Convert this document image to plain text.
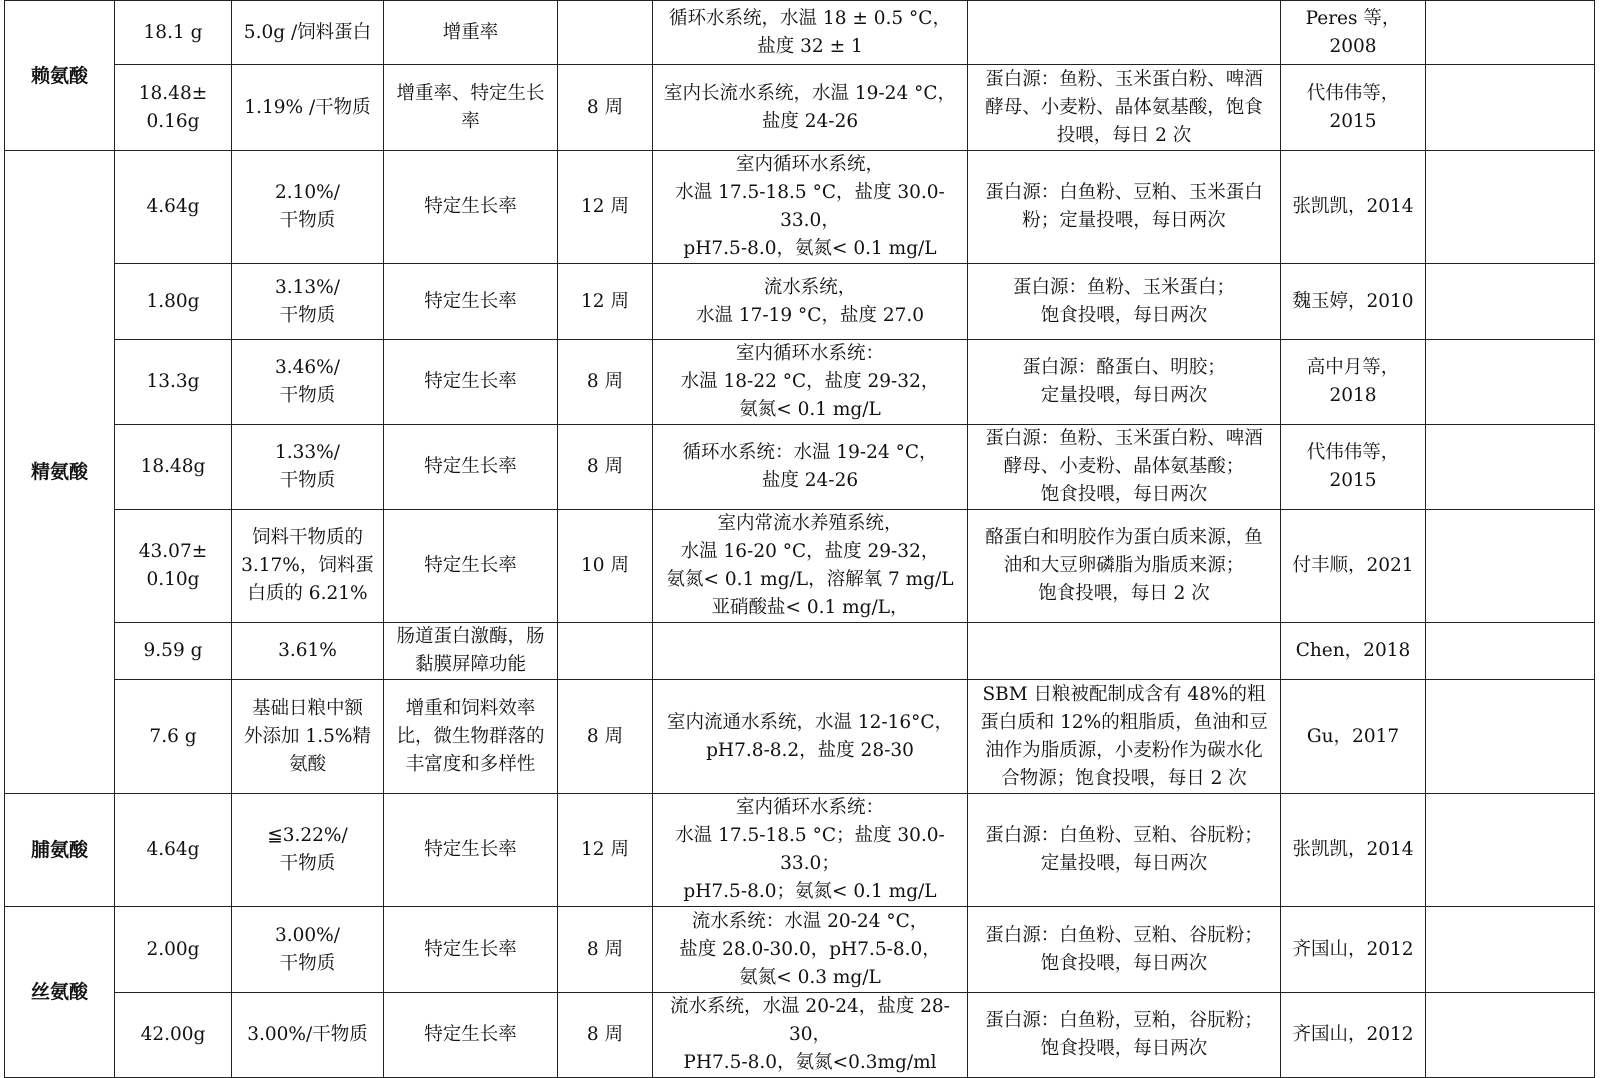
赖氨酸	18.1 g	5.0g /饲料蛋白	增重率		循环水系统，水温 18 ± 0.5 °C，
盐度 32 ± 1		Peres 等，2008	

	18.48±
0.16g	1.19% /干物质	增重率、特定生长
率	8 周	室内长流水系统，水温 19-24 °C，
盐度 24-26	蛋白源：鱼粉、玉米蛋白粉、啤酒
酵母、小麦粉、晶体氨基酸，饱食
投喂，每日 2 次	代伟伟等，
2015	

精氨酸	4.64g	2.10%/
干物质	特定生长率	12 周	室内循环水系统，
水温 17.5-18.5 °C，盐度 30.0-33.0，
pH7.5-8.0，氨氮< 0.1 mg/L	蛋白源：白鱼粉、豆粕、玉米蛋白
粉；定量投喂，每日两次	张凯凯，2014	

	1.80g	3.13%/
干物质	特定生长率	12 周	流水系统，
水温 17-19 °C，盐度 27.0	蛋白源：鱼粉、玉米蛋白；
饱食投喂，每日两次	魏玉婷，2010	

	13.3g	3.46%/
干物质	特定生长率	8 周	室内循环水系统：
水温 18-22 °C，盐度 29-32，
氨氮< 0.1 mg/L	蛋白源：酪蛋白、明胶；
定量投喂，每日两次	高中月等，
2018	

	18.48g	1.33%/
干物质	特定生长率	8 周	循环水系统：水温 19-24 °C，
盐度 24-26	蛋白源：鱼粉、玉米蛋白粉、啤酒
酵母、小麦粉、晶体氨基酸；
饱食投喂，每日两次	代伟伟等，
2015	

	43.07±
0.10g	饲料干物质的
3.17%，饲料蛋
白质的 6.21%	特定生长率	10 周	室内常流水养殖系统，
水温 16-20 °C，盐度 29-32，
氨氮< 0.1 mg/L，溶解氧 7 mg/L
亚硝酸盐< 0.1 mg/L，	酪蛋白和明胶作为蛋白质来源，鱼
油和大豆卵磷脂为脂质来源；
饱食投喂，每日 2 次	付丰顺，2021	

	9.59 g	3.61%	肠道蛋白激酶，肠
黏膜屏障功能				Chen，2018	

	7.6 g	基础日粮中额
外添加 1.5%精
氨酸	增重和饲料效率
比，微生物群落的
丰富度和多样性	8 周	室内流通水系统，水温 12-16°C，
pH7.8-8.2，盐度 28-30	SBM 日粮被配制成含有 48%的粗
蛋白质和 12%的粗脂质，鱼油和豆
油作为脂质源，小麦粉作为碳水化
合物源；饱食投喂，每日 2 次	Gu，2017	

脯氨酸	4.64g	≦3.22%/
干物质	特定生长率	12 周	室内循环水系统：
水温 17.5-18.5 °C；盐度 30.0-33.0；
pH7.5-8.0；氨氮< 0.1 mg/L	蛋白源：白鱼粉、豆粕、谷朊粉；
定量投喂，每日两次	张凯凯，2014	

丝氨酸	2.00g	3.00%/
干物质	特定生长率	8 周	流水系统：水温 20-24 °C，
盐度 28.0-30.0，pH7.5-8.0，
氨氮< 0.3 mg/L	蛋白源：白鱼粉、豆粕、谷朊粉；
饱食投喂，每日两次	齐国山，2012	

	42.00g	3.00%/干物质	特定生长率	8 周	流水系统，水温 20-24，盐度 28-30，
PH7.5-8.0，氨氮<0.3mg/ml	蛋白源：白鱼粉，豆粕，谷朊粉；
饱食投喂，每日两次	齐国山，2012	
